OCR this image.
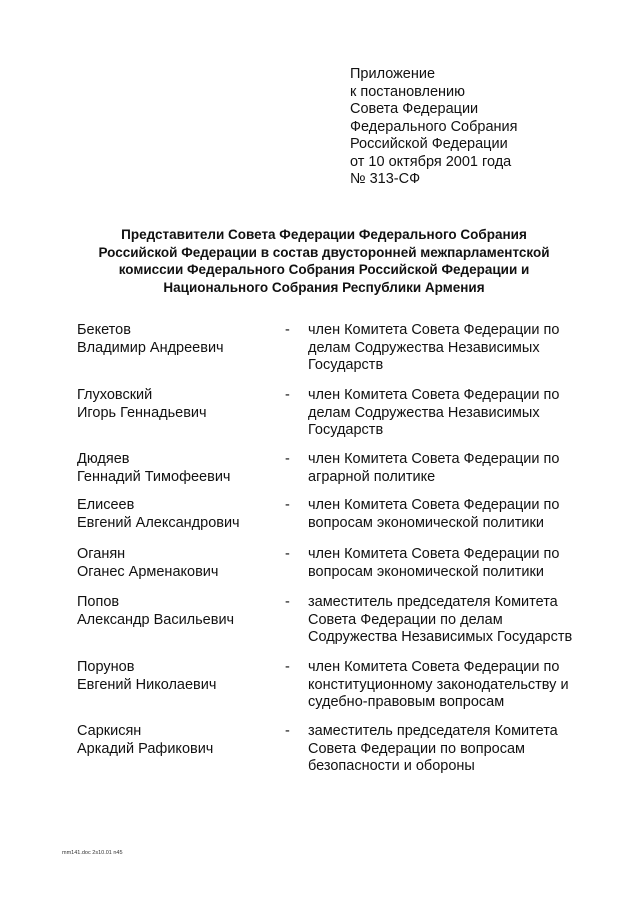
Приложение
к постановлению
Совета Федерации
Федерального Собрания
Российской Федерации
от 10 октября 2001 года
№ 313-СФ
Представители Совета Федерации Федерального Собрания
Российской Федерации в состав двусторонней межпарламентской
комиссии Федерального Собрания Российской Федерации и
Национального Собрания Республики Армения
Бекетов
Владимир Андреевич
- член Комитета Совета Федерации по
делам Содружества Независимых
Государств
Глуховский
Игорь Геннадьевич
- член Комитета Совета Федерации по
делам Содружества Независимых
Государств
Дюдяев
Геннадий Тимофеевич
- член Комитета Совета Федерации по
аграрной политике
Елисеев
Евгений Александрович
- член Комитета Совета Федерации по
вопросам экономической политики
Оганян
Оганес Арменакович
- член Комитета Совета Федерации по
вопросам экономической политики
Попов
Александр Васильевич
- заместитель председателя Комитета
Совета Федерации по делам
Содружества Независимых Государств
Порунов
Евгений Николаевич
- член Комитета Совета Федерации по
конституционному законодательству и
судебно-правовым вопросам
Саркисян
Аркадий Рафикович
- заместитель председателя Комитета
Совета Федерации по вопросам
безопасности и обороны
mm141.doc 2s10.01 n45
